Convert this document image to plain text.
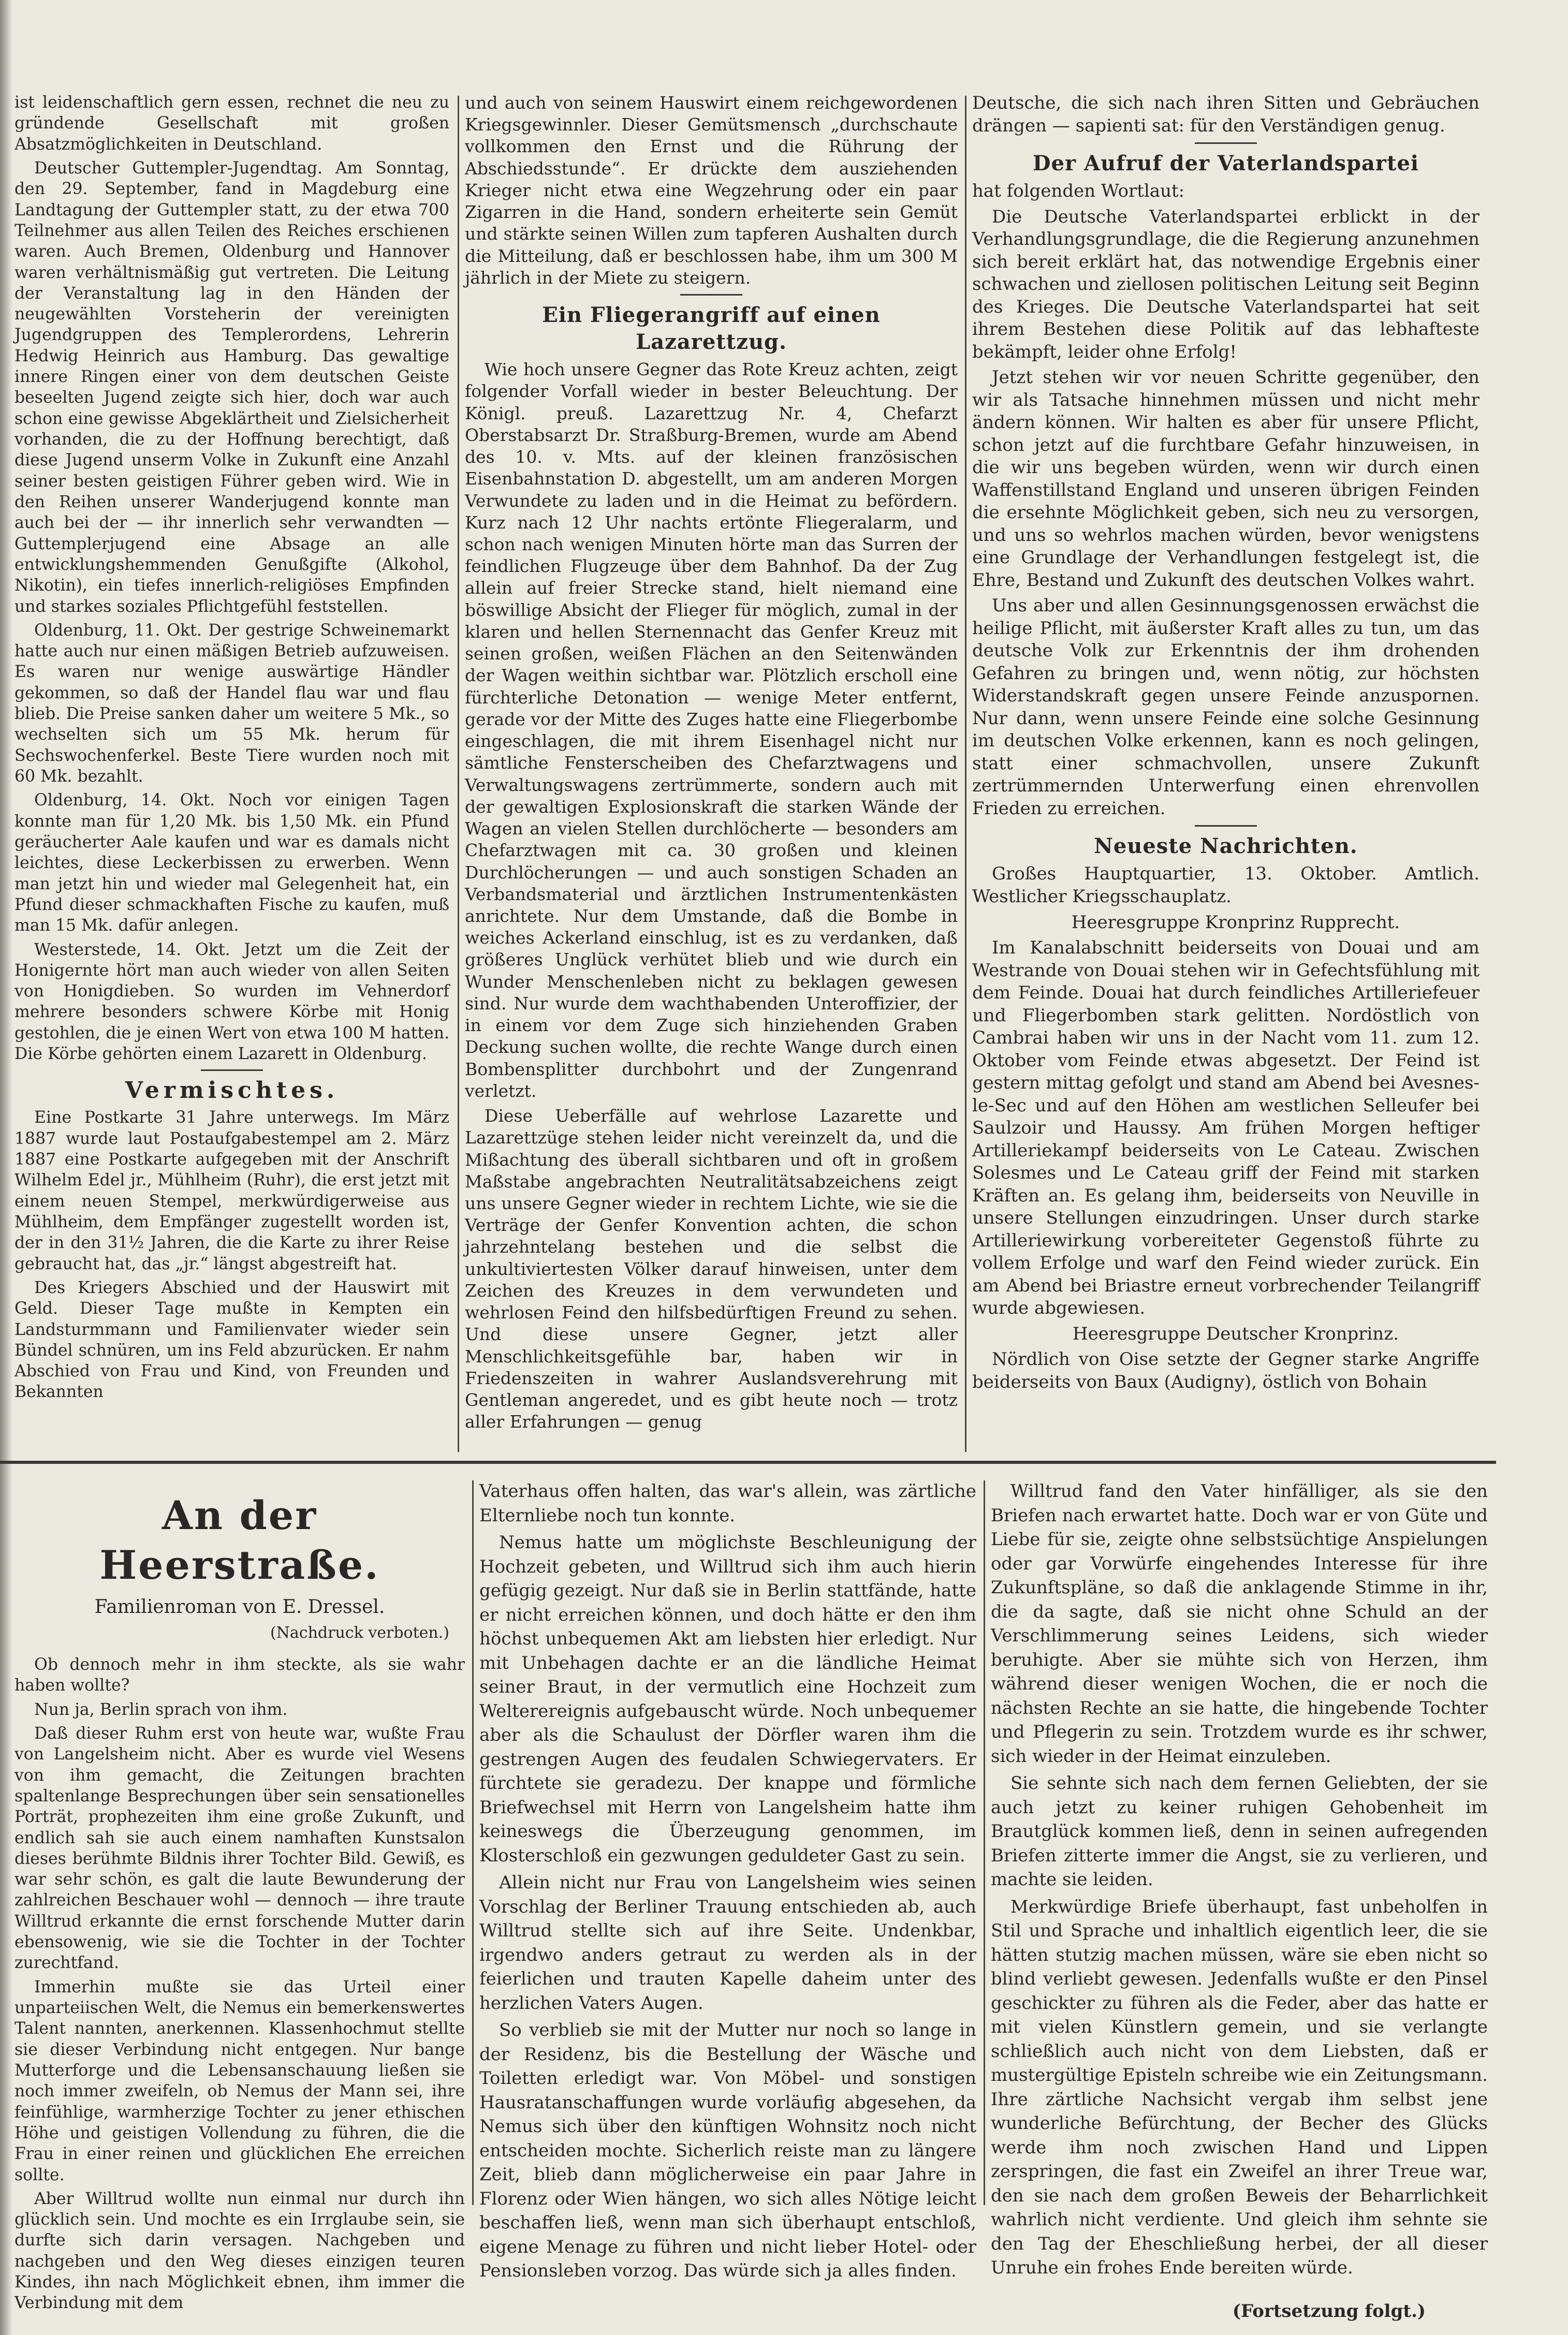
ist leidenschaftlich gern essen, rechnet die neu zu gründende Gesellschaft mit großen Absatzmöglichkeiten in Deutschland.

Deutscher Guttempler-Jugendtag. Am Sonntag, den 29. September, fand in Magdeburg eine Landtagung der Guttempler statt, zu der etwa 700 Teilnehmer aus allen Teilen des Reiches erschienen waren. Auch Bremen, Oldenburg und Hannover waren verhältnismäßig gut vertreten. Die Leitung der Veranstaltung lag in den Händen der neugewählten Vorsteherin der vereinigten Jugendgruppen des Templerordens, Lehrerin Hedwig Heinrich aus Hamburg. Das gewaltige innere Ringen einer von dem deutschen Geiste beseelten Jugend zeigte sich hier, doch war auch schon eine gewisse Abgeklärtheit und Zielsicherheit vorhanden, die zu der Hoffnung berechtigt, daß diese Jugend unserm Volke in Zukunft eine Anzahl seiner besten geistigen Führer geben wird. Wie in den Reihen unserer Wanderjugend konnte man auch bei der — ihr innerlich sehr verwandten — Guttemplerjugend eine Absage an alle entwicklungshemmenden Genußgifte (Alkohol, Nikotin), ein tiefes innerlich-religiöses Empfinden und starkes soziales Pflichtgefühl feststellen.

Oldenburg, 11. Okt. Der gestrige Schweinemarkt hatte auch nur einen mäßigen Betrieb aufzuweisen. Es waren nur wenige auswärtige Händler gekommen, so daß der Handel flau war und flau blieb. Die Preise sanken daher um weitere 5 Mk., so wechselten sich um 55 Mk. herum für Sechswochenferkel. Beste Tiere wurden noch mit 60 Mk. bezahlt.

Oldenburg, 14. Okt. Noch vor einigen Tagen konnte man für 1,20 Mk. bis 1,50 Mk. ein Pfund geräucherter Aale kaufen und war es damals nicht leichtes, diese Leckerbissen zu erwerben. Wenn man jetzt hin und wieder mal Gelegenheit hat, ein Pfund dieser schmackhaften Fische zu kaufen, muß man 15 Mk. dafür anlegen.

Westerstede, 14. Okt. Jetzt um die Zeit der Honigernte hört man auch wieder von allen Seiten von Honigdieben. So wurden im Vehnerdorf mehrere besonders schwere Körbe mit Honig gestohlen, die je einen Wert von etwa 100 M hatten. Die Körbe gehörten einem Lazarett in Oldenburg.

Vermischtes.

Eine Postkarte 31 Jahre unterwegs. Im März 1887 wurde laut Postaufgabestempel am 2. März 1887 eine Postkarte aufgegeben mit der Anschrift Wilhelm Edel jr., Mühlheim (Ruhr), die erst jetzt mit einem neuen Stempel, merkwürdigerweise aus Mühlheim, dem Empfänger zugestellt worden ist, der in den 31½ Jahren, die die Karte zu ihrer Reise gebraucht hat, das „jr.“ längst abgestreift hat.

Des Kriegers Abschied und der Hauswirt mit Geld. Dieser Tage mußte in Kempten ein Landsturmmann und Familienvater wieder sein Bündel schnüren, um ins Feld abzurücken. Er nahm Abschied von Frau und Kind, von Freunden und Bekannten

und auch von seinem Hauswirt einem reichgewordenen Kriegsgewinnler. Dieser Gemütsmensch „durchschaute vollkommen den Ernst und die Rührung der Abschiedsstunde“. Er drückte dem ausziehenden Krieger nicht etwa eine Wegzehrung oder ein paar Zigarren in die Hand, sondern erheiterte sein Gemüt und stärkte seinen Willen zum tapferen Aushalten durch die Mitteilung, daß er beschlossen habe, ihm um 300 M jährlich in der Miete zu steigern.

Ein Fliegerangriff auf einen Lazarettzug.

Wie hoch unsere Gegner das Rote Kreuz achten, zeigt folgender Vorfall wieder in bester Beleuchtung. Der Königl. preuß. Lazarettzug Nr. 4, Chefarzt Oberstabsarzt Dr. Straßburg-Bremen, wurde am Abend des 10. v. Mts. auf der kleinen französischen Eisenbahnstation D. abgestellt, um am anderen Morgen Verwundete zu laden und in die Heimat zu befördern. Kurz nach 12 Uhr nachts ertönte Fliegeralarm, und schon nach wenigen Minuten hörte man das Surren der feindlichen Flugzeuge über dem Bahnhof. Da der Zug allein auf freier Strecke stand, hielt niemand eine böswillige Absicht der Flieger für möglich, zumal in der klaren und hellen Sternennacht das Genfer Kreuz mit seinen großen, weißen Flächen an den Seitenwänden der Wagen weithin sichtbar war. Plötzlich erscholl eine fürchterliche Detonation — wenige Meter entfernt, gerade vor der Mitte des Zuges hatte eine Fliegerbombe eingeschlagen, die mit ihrem Eisenhagel nicht nur sämtliche Fensterscheiben des Chefarztwagens und Verwaltungswagens zertrümmerte, sondern auch mit der gewaltigen Explosionskraft die starken Wände der Wagen an vielen Stellen durchlöcherte — besonders am Chefarztwagen mit ca. 30 großen und kleinen Durchlöcherungen — und auch sonstigen Schaden an Verbandsmaterial und ärztlichen Instrumentenkästen anrichtete. Nur dem Umstande, daß die Bombe in weiches Ackerland einschlug, ist es zu verdanken, daß größeres Unglück verhütet blieb und wie durch ein Wunder Menschenleben nicht zu beklagen gewesen sind. Nur wurde dem wachthabenden Unteroffizier, der in einem vor dem Zuge sich hinziehenden Graben Deckung suchen wollte, die rechte Wange durch einen Bombensplitter durchbohrt und der Zungenrand verletzt.

Diese Ueberfälle auf wehrlose Lazarette und Lazarettzüge stehen leider nicht vereinzelt da, und die Mißachtung des überall sichtbaren und oft in großem Maßstabe angebrachten Neutralitätsabzeichens zeigt uns unsere Gegner wieder in rechtem Lichte, wie sie die Verträge der Genfer Konvention achten, die schon jahrzehntelang bestehen und die selbst die unkultiviertesten Völker darauf hinweisen, unter dem Zeichen des Kreuzes in dem verwundeten und wehrlosen Feind den hilfsbedürftigen Freund zu sehen. Und diese unsere Gegner, jetzt aller Menschlichkeitsgefühle bar, haben wir in Friedenszeiten in wahrer Auslandsverehrung mit Gentleman angeredet, und es gibt heute noch — trotz aller Erfahrungen — genug

Deutsche, die sich nach ihren Sitten und Gebräuchen drängen — sapienti sat: für den Verständigen genug.

Der Aufruf der Vaterlandspartei

hat folgenden Wortlaut:

Die Deutsche Vaterlandspartei erblickt in der Verhandlungsgrundlage, die die Regierung anzunehmen sich bereit erklärt hat, das notwendige Ergebnis einer schwachen und ziellosen politischen Leitung seit Beginn des Krieges. Die Deutsche Vaterlandspartei hat seit ihrem Bestehen diese Politik auf das lebhafteste bekämpft, leider ohne Erfolg!

Jetzt stehen wir vor neuen Schritte gegenüber, den wir als Tatsache hinnehmen müssen und nicht mehr ändern können. Wir halten es aber für unsere Pflicht, schon jetzt auf die furchtbare Gefahr hinzuweisen, in die wir uns begeben würden, wenn wir durch einen Waffenstillstand England und unseren übrigen Feinden die ersehnte Möglichkeit geben, sich neu zu versorgen, und uns so wehrlos machen würden, bevor wenigstens eine Grundlage der Verhandlungen festgelegt ist, die Ehre, Bestand und Zukunft des deutschen Volkes wahrt.

Uns aber und allen Gesinnungsgenossen erwächst die heilige Pflicht, mit äußerster Kraft alles zu tun, um das deutsche Volk zur Erkenntnis der ihm drohenden Gefahren zu bringen und, wenn nötig, zur höchsten Widerstandskraft gegen unsere Feinde anzuspornen. Nur dann, wenn unsere Feinde eine solche Gesinnung im deutschen Volke erkennen, kann es noch gelingen, statt einer schmachvollen, unsere Zukunft zertrümmernden Unterwerfung einen ehrenvollen Frieden zu erreichen.

Neueste Nachrichten.

Großes Hauptquartier, 13. Oktober. Amtlich. Westlicher Kriegsschauplatz.

Heeresgruppe Kronprinz Rupprecht.

Im Kanalabschnitt beiderseits von Douai und am Westrande von Douai stehen wir in Gefechtsfühlung mit dem Feinde. Douai hat durch feindliches Artilleriefeuer und Fliegerbomben stark gelitten. Nordöstlich von Cambrai haben wir uns in der Nacht vom 11. zum 12. Oktober vom Feinde etwas abgesetzt. Der Feind ist gestern mittag gefolgt und stand am Abend bei Avesnes-le-Sec und auf den Höhen am westlichen Selleufer bei Saulzoir und Haussy. Am frühen Morgen heftiger Artilleriekampf beiderseits von Le Cateau. Zwischen Solesmes und Le Cateau griff der Feind mit starken Kräften an. Es gelang ihm, beiderseits von Neuville in unsere Stellungen einzudringen. Unser durch starke Artilleriewirkung vorbereiteter Gegenstoß führte zu vollem Erfolge und warf den Feind wieder zurück. Ein am Abend bei Briastre erneut vorbrechender Teilangriff wurde abgewiesen.

Heeresgruppe Deutscher Kronprinz.

Nördlich von Oise setzte der Gegner starke Angriffe beiderseits von Baux (Audigny), östlich von Bohain

An der Heerstraße.
Familienroman von E. Dressel.
(Nachdruck verboten.)

Ob dennoch mehr in ihm steckte, als sie wahr haben wollte?

Nun ja, Berlin sprach von ihm.

Daß dieser Ruhm erst von heute war, wußte Frau von Langelsheim nicht. Aber es wurde viel Wesens von ihm gemacht, die Zeitungen brachten spaltenlange Besprechungen über sein sensationelles Porträt, prophezeiten ihm eine große Zukunft, und endlich sah sie auch einem namhaften Kunstsalon dieses berühmte Bildnis ihrer Tochter Bild. Gewiß, es war sehr schön, es galt die laute Bewunderung der zahlreichen Beschauer wohl — dennoch — ihre traute Willtrud erkannte die ernst forschende Mutter darin ebensowenig, wie sie die Tochter in der Tochter zurechtfand.

Immerhin mußte sie das Urteil einer unparteiischen Welt, die Nemus ein bemerkenswertes Talent nannten, anerkennen. Klassenhochmut stellte sie dieser Verbindung nicht entgegen. Nur bange Mutterforge und die Lebensanschauung ließen sie noch immer zweifeln, ob Nemus der Mann sei, ihre feinfühlige, warmherzige Tochter zu jener ethischen Höhe und geistigen Vollendung zu führen, die die Frau in einer reinen und glücklichen Ehe erreichen sollte.

Aber Willtrud wollte nun einmal nur durch ihn glücklich sein. Und mochte es ein Irrglaube sein, sie durfte sich darin versagen. Nachgeben und nachgeben und den Weg dieses einzigen teuren Kindes, ihn nach Möglichkeit ebnen, ihm immer die Verbindung mit dem

Vaterhaus offen halten, das war's allein, was zärtliche Elternliebe noch tun konnte.

Nemus hatte um möglichste Beschleunigung der Hochzeit gebeten, und Willtrud sich ihm auch hierin gefügig gezeigt. Nur daß sie in Berlin stattfände, hatte er nicht erreichen können, und doch hätte er den ihm höchst unbequemen Akt am liebsten hier erledigt. Nur mit Unbehagen dachte er an die ländliche Heimat seiner Braut, in der vermutlich eine Hochzeit zum Welterereignis aufgebauscht würde. Noch unbequemer aber als die Schaulust der Dörfler waren ihm die gestrengen Augen des feudalen Schwiegervaters. Er fürchtete sie geradezu. Der knappe und förmliche Briefwechsel mit Herrn von Langelsheim hatte ihm keineswegs die Überzeugung genommen, im Klosterschloß ein gezwungen geduldeter Gast zu sein.

Allein nicht nur Frau von Langelsheim wies seinen Vorschlag der Berliner Trauung entschieden ab, auch Willtrud stellte sich auf ihre Seite. Undenkbar, irgendwo anders getraut zu werden als in der feierlichen und trauten Kapelle daheim unter des herzlichen Vaters Augen.

So verblieb sie mit der Mutter nur noch so lange in der Residenz, bis die Bestellung der Wäsche und Toiletten erledigt war. Von Möbel- und sonstigen Hausratanschaffungen wurde vorläufig abgesehen, da Nemus sich über den künftigen Wohnsitz noch nicht entscheiden mochte. Sicherlich reiste man zu längere Zeit, blieb dann möglicherweise ein paar Jahre in Florenz oder Wien hängen, wo sich alles Nötige leicht beschaffen ließ, wenn man sich überhaupt entschloß, eigene Menage zu führen und nicht lieber Hotel- oder Pensionsleben vorzog. Das würde sich ja alles finden.

Willtrud fand den Vater hinfälliger, als sie den Briefen nach erwartet hatte. Doch war er von Güte und Liebe für sie, zeigte ohne selbstsüchtige Anspielungen oder gar Vorwürfe eingehendes Interesse für ihre Zukunftspläne, so daß die anklagende Stimme in ihr, die da sagte, daß sie nicht ohne Schuld an der Verschlimmerung seines Leidens, sich wieder beruhigte. Aber sie mühte sich von Herzen, ihm während dieser wenigen Wochen, die er noch die nächsten Rechte an sie hatte, die hingebende Tochter und Pflegerin zu sein. Trotzdem wurde es ihr schwer, sich wieder in der Heimat einzuleben.

Sie sehnte sich nach dem fernen Geliebten, der sie auch jetzt zu keiner ruhigen Gehobenheit im Brautglück kommen ließ, denn in seinen aufregenden Briefen zitterte immer die Angst, sie zu verlieren, und machte sie leiden.

Merkwürdige Briefe überhaupt, fast unbeholfen in Stil und Sprache und inhaltlich eigentlich leer, die sie hätten stutzig machen müssen, wäre sie eben nicht so blind verliebt gewesen. Jedenfalls wußte er den Pinsel geschickter zu führen als die Feder, aber das hatte er mit vielen Künstlern gemein, und sie verlangte schließlich auch nicht von dem Liebsten, daß er mustergültige Episteln schreibe wie ein Zeitungsmann. Ihre zärtliche Nachsicht vergab ihm selbst jene wunderliche Befürchtung, der Becher des Glücks werde ihm noch zwischen Hand und Lippen zerspringen, die fast ein Zweifel an ihrer Treue war, den sie nach dem großen Beweis der Beharrlichkeit wahrlich nicht verdiente. Und gleich ihm sehnte sie den Tag der Eheschließung herbei, der all dieser Unruhe ein frohes Ende bereiten würde.

(Fortsetzung folgt.)
